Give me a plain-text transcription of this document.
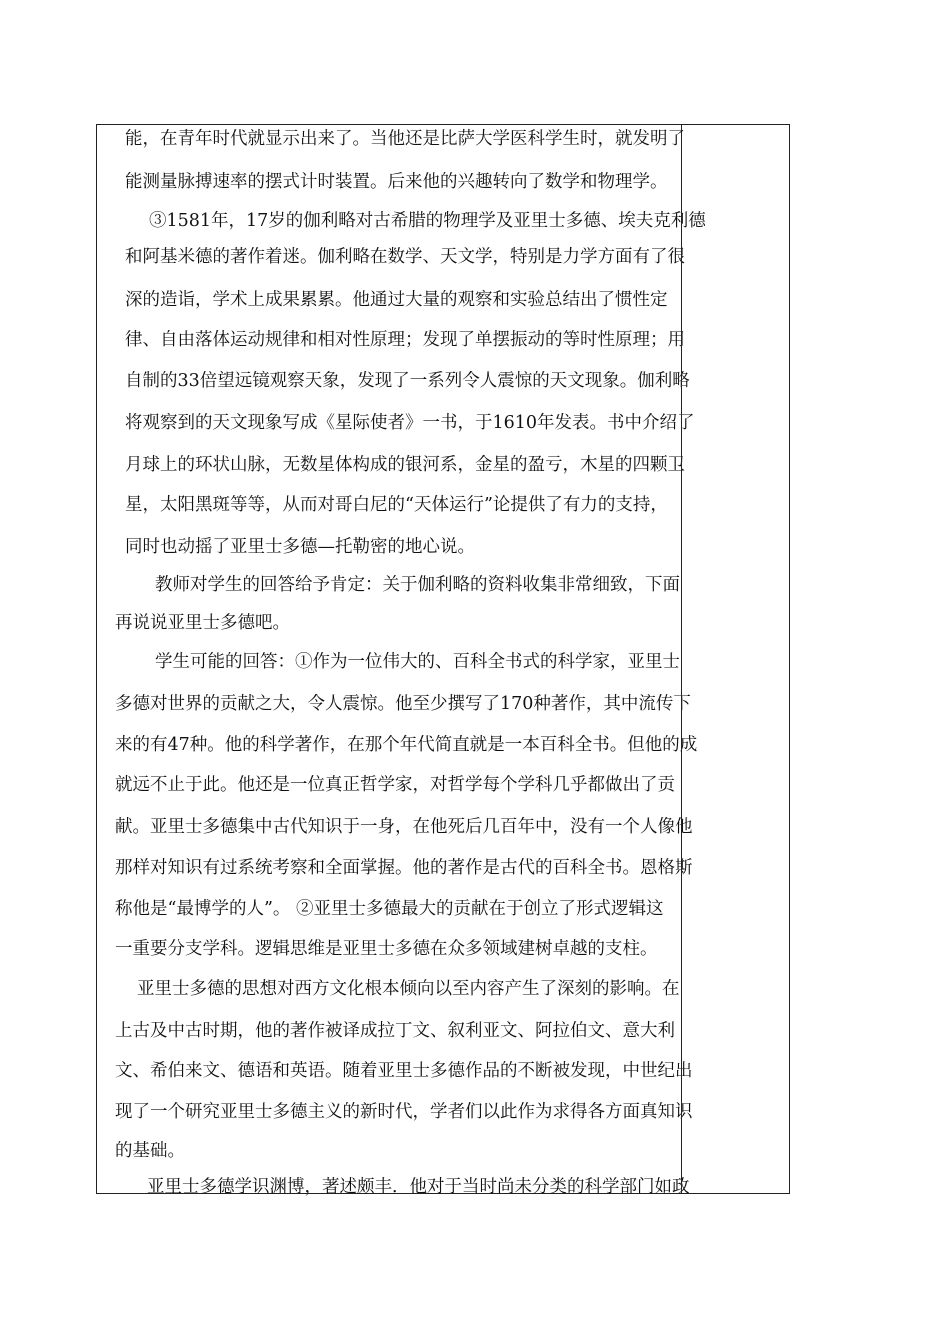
能，在青年时代就显示出来了。当他还是比萨大学医科学生时，就发明了
能测量脉搏速率的摆式计时装置。后来他的兴趣转向了数学和物理学。
③1581年，17岁的伽利略对古希腊的物理学及亚里士多德、埃夫克利德
和阿基米德的著作着迷。伽利略在数学、天文学，特别是力学方面有了很
深的造诣，学术上成果累累。他通过大量的观察和实验总结出了惯性定
律、自由落体运动规律和相对性原理；发现了单摆振动的等时性原理；用
自制的33倍望远镜观察天象，发现了一系列令人震惊的天文现象。伽利略
将观察到的天文现象写成《星际使者》一书，于1610年发表。书中介绍了
月球上的环状山脉，无数星体构成的银河系，金星的盈亏，木星的四颗卫
星，太阳黑斑等等，从而对哥白尼的“天体运行”论提供了有力的支持，
同时也动摇了亚里士多德—托勒密的地心说。
教师对学生的回答给予肯定：关于伽利略的资料收集非常细致，下面
再说说亚里士多德吧。
学生可能的回答：①作为一位伟大的、百科全书式的科学家，亚里士
多德对世界的贡献之大，令人震惊。他至少撰写了170种著作，其中流传下
来的有47种。他的科学著作，在那个年代简直就是一本百科全书。但他的成
就远不止于此。他还是一位真正哲学家，对哲学每个学科几乎都做出了贡
献。亚里士多德集中古代知识于一身，在他死后几百年中，没有一个人像他
那样对知识有过系统考察和全面掌握。他的著作是古代的百科全书。恩格斯
称他是“最博学的人”。 ②亚里士多德最大的贡献在于创立了形式逻辑这
一重要分支学科。逻辑思维是亚里士多德在众多领域建树卓越的支柱。
亚里士多德的思想对西方文化根本倾向以至内容产生了深刻的影响。在
上古及中古时期，他的著作被译成拉丁文、叙利亚文、阿拉伯文、意大利
文、希伯来文、德语和英语。随着亚里士多德作品的不断被发现，中世纪出
现了一个研究亚里士多德主义的新时代，学者们以此作为求得各方面真知识
的基础。
亚里士多德学识渊博，著述颇丰．他对于当时尚未分类的科学部门如政
